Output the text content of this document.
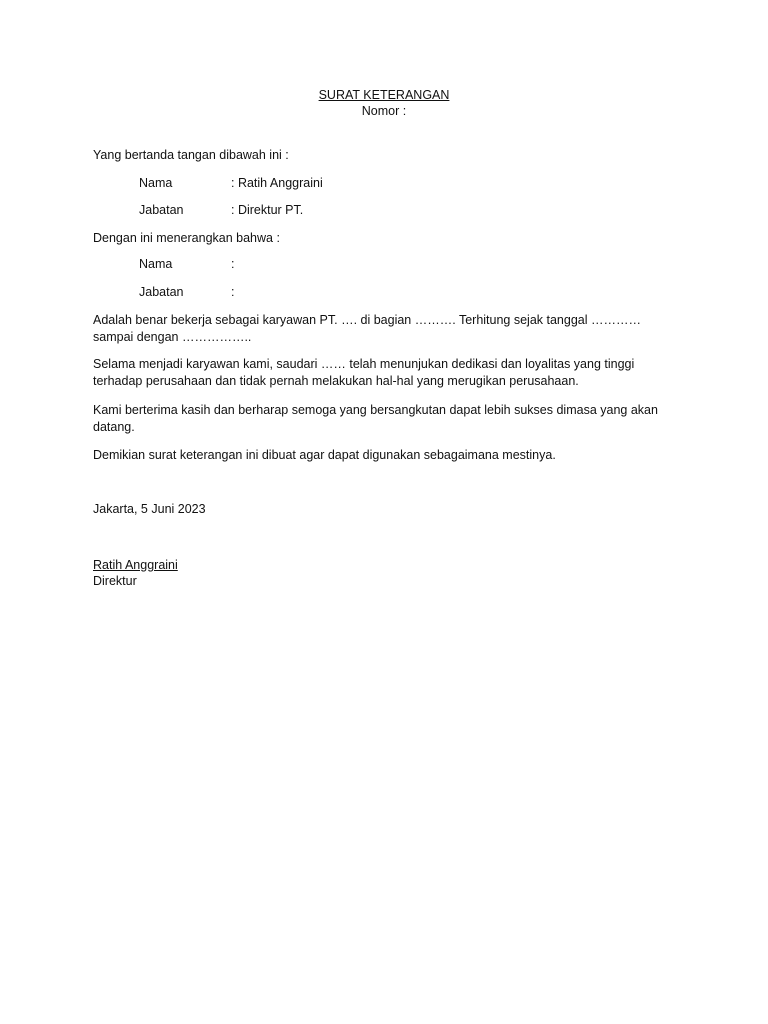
SURAT KETERANGAN
Nomor :
Yang bertanda tangan dibawah ini :
Nama	: Ratih Anggraini
Jabatan	: Direktur PT.
Dengan ini menerangkan bahwa :
Nama	:
Jabatan	:
Adalah benar bekerja sebagai karyawan PT. …. di bagian ………. Terhitung sejak tanggal ………… sampai dengan ……………..
Selama menjadi karyawan kami, saudari …… telah menunjukan dedikasi dan loyalitas yang tinggi terhadap perusahaan dan tidak pernah melakukan hal-hal yang merugikan perusahaan.
Kami berterima kasih dan berharap semoga yang bersangkutan dapat lebih sukses dimasa yang akan datang.
Demikian surat keterangan ini dibuat agar dapat digunakan sebagaimana mestinya.
Jakarta, 5 Juni 2023
Ratih Anggraini
Direktur
